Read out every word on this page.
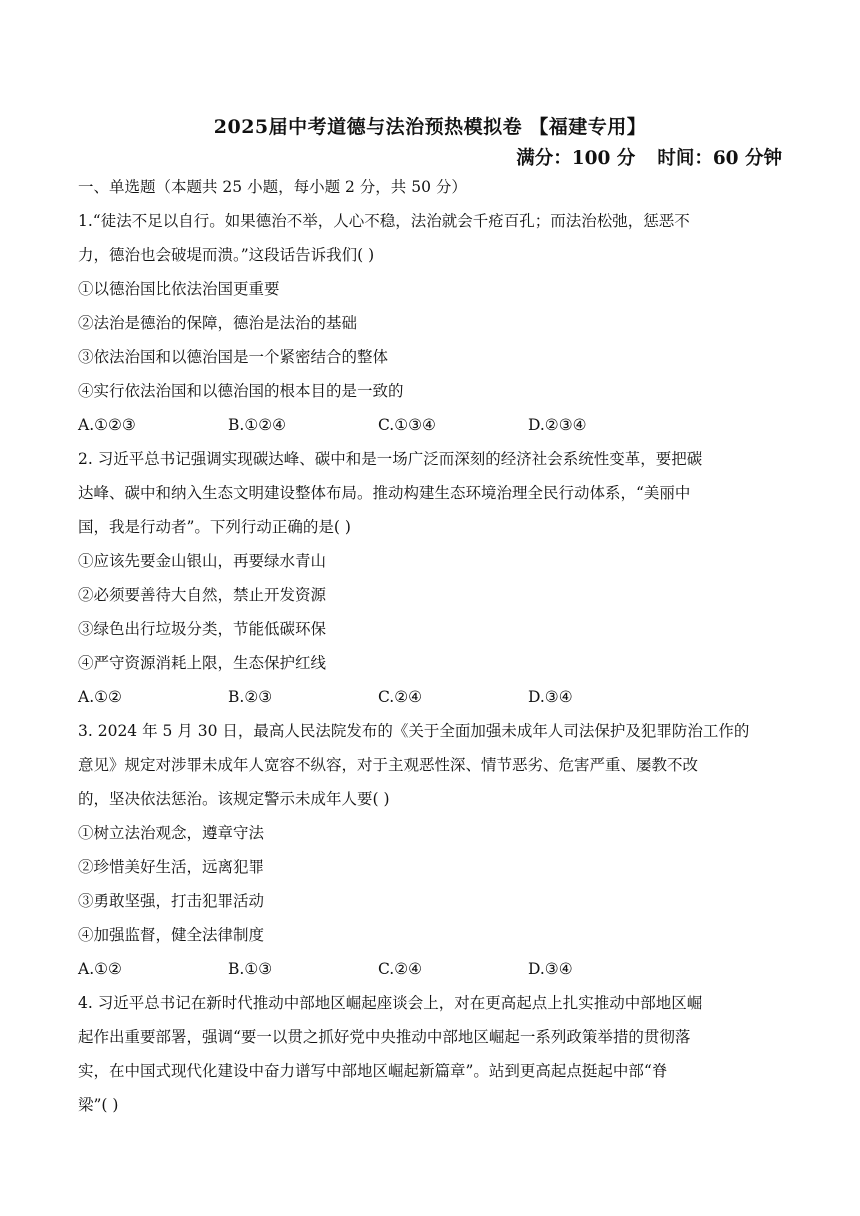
2025届中考道德与法治预热模拟卷 【福建专用】
满分：100 分 时间：60 分钟
一、单选题（本题共 25 小题，每小题 2 分，共 50 分）
1.“徒法不足以自行。如果德治不举，人心不稳，法治就会千疮百孔；而法治松弛，惩恶不
力，德治也会破堤而溃。”这段话告诉我们( )
①以德治国比依法治国更重要
②法治是德治的保障，德治是法治的基础
③依法治国和以德治国是一个紧密结合的整体
④实行依法治国和以德治国的根本目的是一致的
A.①②③	B.①②④	C.①③④	D.②③④
2. 习近平总书记强调实现碳达峰、碳中和是一场广泛而深刻的经济社会系统性变革，要把碳
达峰、碳中和纳入生态文明建设整体布局。推动构建生态环境治理全民行动体系，“美丽中
国，我是行动者”。下列行动正确的是( )
①应该先要金山银山，再要绿水青山
②必须要善待大自然，禁止开发资源
③绿色出行垃圾分类，节能低碳环保
④严守资源消耗上限，生态保护红线
A.①②	B.②③	C.②④	D.③④
3. 2024 年 5 月 30 日，最高人民法院发布的《关于全面加强未成年人司法保护及犯罪防治工作的
意见》规定对涉罪未成年人宽容不纵容，对于主观恶性深、情节恶劣、危害严重、屡教不改
的，坚决依法惩治。该规定警示未成年人要( )
①树立法治观念，遵章守法
②珍惜美好生活，远离犯罪
③勇敢坚强，打击犯罪活动
④加强监督，健全法律制度
A.①②	B.①③	C.②④	D.③④
4. 习近平总书记在新时代推动中部地区崛起座谈会上，对在更高起点上扎实推动中部地区崛
起作出重要部署，强调“要一以贯之抓好党中央推动中部地区崛起一系列政策举措的贯彻落
实，在中国式现代化建设中奋力谱写中部地区崛起新篇章”。站到更高起点挺起中部“脊
梁”( )
